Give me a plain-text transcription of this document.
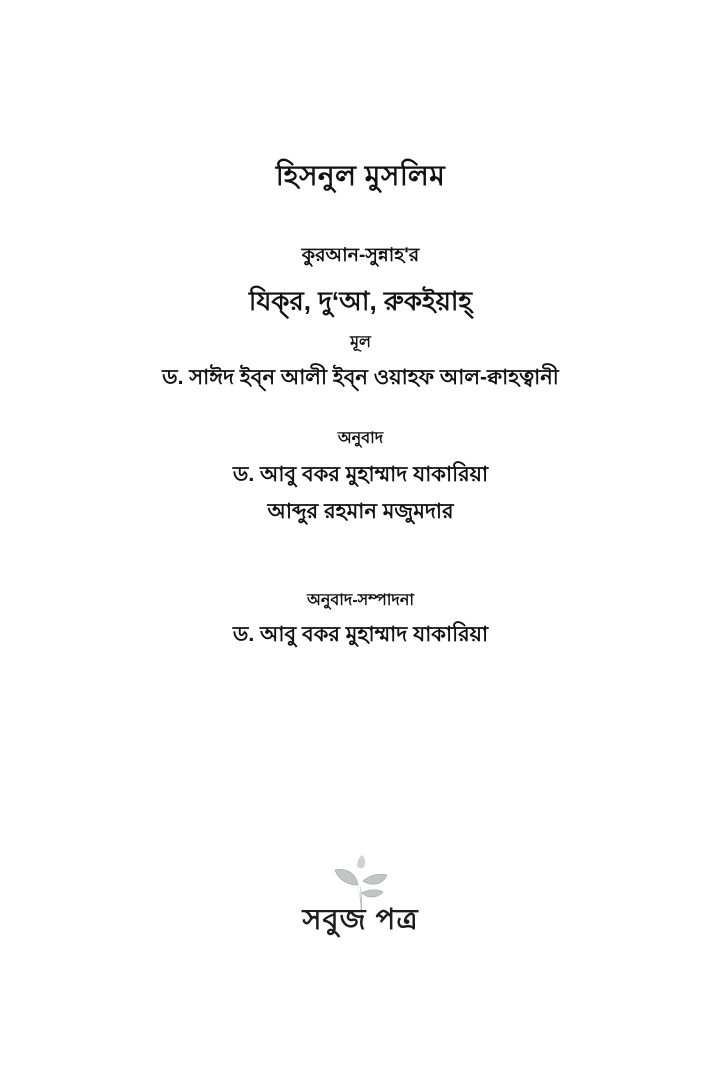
হিসনুল মুসলিম
কুরআন-সুন্নাহ'র
যিক্‌র, দু‘আ, রুকইয়াহ্
মূল
ড. সাঈদ ইব্‌ন আলী ইব্‌ন ওয়াহফ আল-ক্বাহত্বানী
অনুবাদ
ড. আবু বকর মুহাম্মাদ যাকারিয়া
আব্দুর রহমান মজুমদার
অনুবাদ-সম্পাদনা
ড. আবু বকর মুহাম্মাদ যাকারিয়া
সবুজ পত্র
